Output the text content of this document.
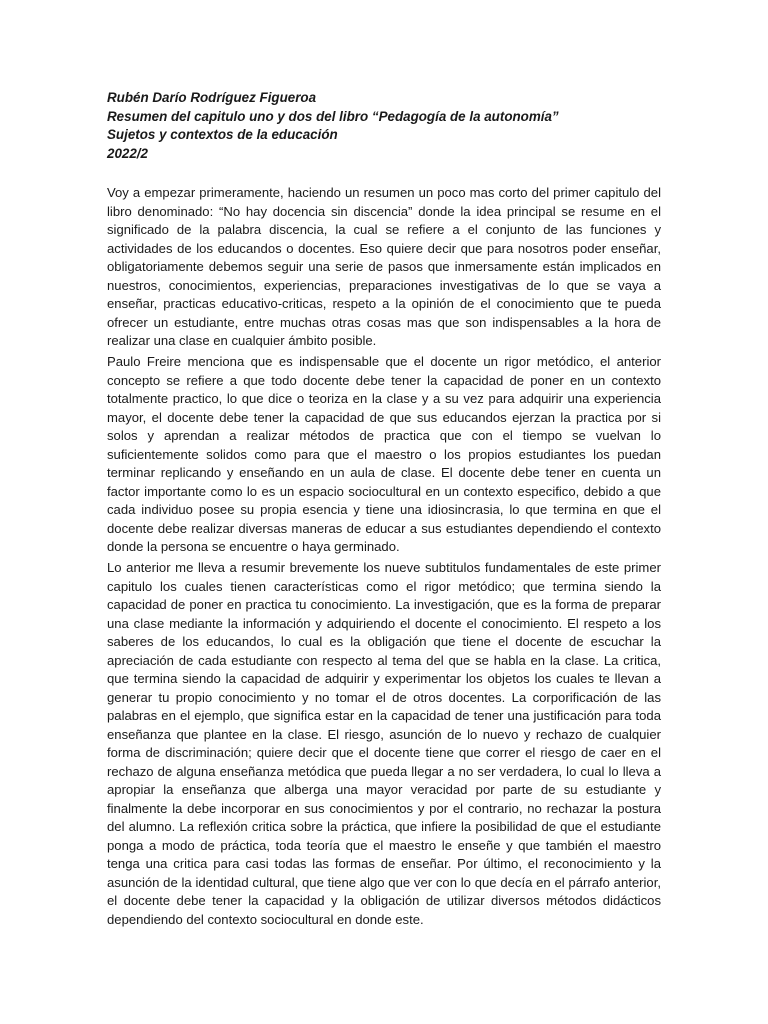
Rubén Darío Rodríguez Figueroa
Resumen del capitulo uno y dos del libro “Pedagogía de la autonomía”
Sujetos y contextos de la educación
2022/2

Voy a empezar primeramente, haciendo un resumen un poco mas corto del primer capitulo del libro denominado: “No hay docencia sin discencia” donde la idea principal se resume en el significado de la palabra discencia, la cual se refiere a el conjunto de las funciones y actividades de los educandos o docentes. Eso quiere decir que para nosotros poder enseñar, obligatoriamente debemos seguir una serie de pasos que inmersamente están implicados en nuestros, conocimientos, experiencias, preparaciones investigativas de lo que se vaya a enseñar, practicas educativo-criticas, respeto a la opinión de el conocimiento que te pueda ofrecer un estudiante, entre muchas otras cosas mas que son indispensables a la hora de realizar una clase en cualquier ámbito posible.

Paulo Freire menciona que es indispensable que el docente un rigor metódico, el anterior concepto se refiere a que todo docente debe tener la capacidad de poner en un contexto totalmente practico, lo que dice o teoriza en la clase y a su vez para adquirir una experiencia mayor, el docente debe tener la capacidad de que sus educandos ejerzan la practica por si solos y aprendan a realizar métodos de practica que con el tiempo se vuelvan lo suficientemente solidos como para que el maestro o los propios estudiantes los puedan terminar replicando y enseñando en un aula de clase. El docente debe tener en cuenta un factor importante como lo es un espacio sociocultural en un contexto especifico, debido a que cada individuo posee su propia esencia y tiene una idiosincrasia, lo que termina en que el docente debe realizar diversas maneras de educar a sus estudiantes dependiendo el contexto donde la persona se encuentre o haya germinado.

Lo anterior me lleva a resumir brevemente los nueve subtitulos fundamentales de este primer capitulo los cuales tienen características como el rigor metódico; que termina siendo la capacidad de poner en practica tu conocimiento. La investigación, que es la forma de preparar una clase mediante la información y adquiriendo el docente el conocimiento. El respeto a los saberes de los educandos, lo cual es la obligación que tiene el docente de escuchar la apreciación de cada estudiante con respecto al tema del que se habla en la clase. La critica, que termina siendo la capacidad de adquirir y experimentar los objetos los cuales te llevan a generar tu propio conocimiento y no tomar el de otros docentes. La corporificación de las palabras en el ejemplo, que significa estar en la capacidad de tener una justificación para toda enseñanza que plantee en la clase. El riesgo, asunción de lo nuevo y rechazo de cualquier forma de discriminación; quiere decir que el docente tiene que correr el riesgo de caer en el rechazo de alguna enseñanza metódica que pueda llegar a no ser verdadera, lo cual lo lleva a apropiar la enseñanza que alberga una mayor veracidad por parte de su estudiante y finalmente la debe incorporar en sus conocimientos y por el contrario, no rechazar la postura del alumno. La reflexión critica sobre la práctica, que infiere la posibilidad de que el estudiante ponga a modo de práctica, toda teoría que el maestro le enseñe y que también el maestro tenga una critica para casi todas las formas de enseñar. Por último, el reconocimiento y la asunción de la identidad cultural, que tiene algo que ver con lo que decía en el párrafo anterior, el docente debe tener la capacidad y la obligación de utilizar diversos métodos didácticos dependiendo del contexto sociocultural en donde este.
